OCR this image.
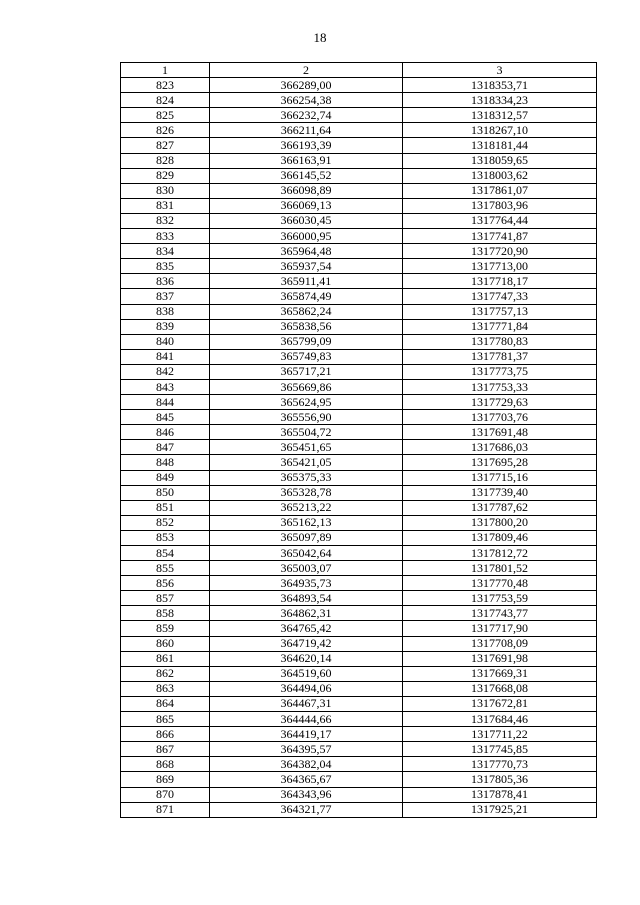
18
1	2	3
823	366289,00	1318353,71
824	366254,38	1318334,23
825	366232,74	1318312,57
826	366211,64	1318267,10
827	366193,39	1318181,44
828	366163,91	1318059,65
829	366145,52	1318003,62
830	366098,89	1317861,07
831	366069,13	1317803,96
832	366030,45	1317764,44
833	366000,95	1317741,87
834	365964,48	1317720,90
835	365937,54	1317713,00
836	365911,41	1317718,17
837	365874,49	1317747,33
838	365862,24	1317757,13
839	365838,56	1317771,84
840	365799,09	1317780,83
841	365749,83	1317781,37
842	365717,21	1317773,75
843	365669,86	1317753,33
844	365624,95	1317729,63
845	365556,90	1317703,76
846	365504,72	1317691,48
847	365451,65	1317686,03
848	365421,05	1317695,28
849	365375,33	1317715,16
850	365328,78	1317739,40
851	365213,22	1317787,62
852	365162,13	1317800,20
853	365097,89	1317809,46
854	365042,64	1317812,72
855	365003,07	1317801,52
856	364935,73	1317770,48
857	364893,54	1317753,59
858	364862,31	1317743,77
859	364765,42	1317717,90
860	364719,42	1317708,09
861	364620,14	1317691,98
862	364519,60	1317669,31
863	364494,06	1317668,08
864	364467,31	1317672,81
865	364444,66	1317684,46
866	364419,17	1317711,22
867	364395,57	1317745,85
868	364382,04	1317770,73
869	364365,67	1317805,36
870	364343,96	1317878,41
871	364321,77	1317925,21
